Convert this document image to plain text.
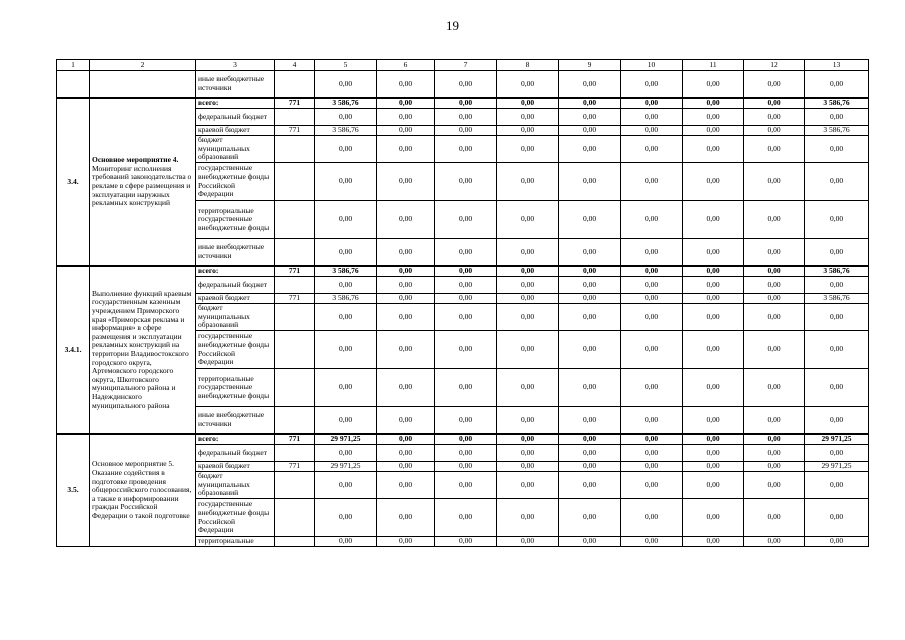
19
1	2	3	4	5	6	7	8	9	10	11	12	13
		иные внебюджетные источники		0,00	0,00	0,00	0,00	0,00	0,00	0,00	0,00	0,00
3.4.	Основное мероприятие 4. Мониторинг исполнения требований законодательства о рекламе в сфере размещения и эксплуатации наружных рекламных конструкций	всего:	771	3 586,76	0,00	0,00	0,00	0,00	0,00	0,00	0,00	3 586,76
		федеральный бюджет		0,00	0,00	0,00	0,00	0,00	0,00	0,00	0,00	0,00
		краевой бюджет	771	3 586,76	0,00	0,00	0,00	0,00	0,00	0,00	0,00	3 586,76
		бюджет муниципальных образований		0,00	0,00	0,00	0,00	0,00	0,00	0,00	0,00	0,00
		государственные внебюджетные фонды Российской Федерации		0,00	0,00	0,00	0,00	0,00	0,00	0,00	0,00	0,00
		территориальные государственные внебюджетные фонды		0,00	0,00	0,00	0,00	0,00	0,00	0,00	0,00	0,00
		иные внебюджетные источники		0,00	0,00	0,00	0,00	0,00	0,00	0,00	0,00	0,00
3.4.1.	Выполнение функций краевым государственным казенным учреждением Приморского края «Приморская реклама и информация» в сфере размещения и эксплуатации рекламных конструкций на территории Владивостокского городского округа, Артемовского городского округа, Шкотовского муниципального района и Надеждинского муниципального района	всего:	771	3 586,76	0,00	0,00	0,00	0,00	0,00	0,00	0,00	3 586,76
		федеральный бюджет		0,00	0,00	0,00	0,00	0,00	0,00	0,00	0,00	0,00
		краевой бюджет	771	3 586,76	0,00	0,00	0,00	0,00	0,00	0,00	0,00	3 586,76
		бюджет муниципальных образований		0,00	0,00	0,00	0,00	0,00	0,00	0,00	0,00	0,00
		государственные внебюджетные фонды Российской Федерации		0,00	0,00	0,00	0,00	0,00	0,00	0,00	0,00	0,00
		территориальные государственные внебюджетные фонды		0,00	0,00	0,00	0,00	0,00	0,00	0,00	0,00	0,00
		иные внебюджетные источники		0,00	0,00	0,00	0,00	0,00	0,00	0,00	0,00	0,00
3.5.	Основное мероприятие 5. Оказание содействия в подготовке проведения общероссийского голосования, а также в информировании граждан Российской Федерации о такой подготовке	всего:	771	29 971,25	0,00	0,00	0,00	0,00	0,00	0,00	0,00	29 971,25
		федеральный бюджет		0,00	0,00	0,00	0,00	0,00	0,00	0,00	0,00	0,00
		краевой бюджет	771	29 971,25	0,00	0,00	0,00	0,00	0,00	0,00	0,00	29 971,25
		бюджет муниципальных образований		0,00	0,00	0,00	0,00	0,00	0,00	0,00	0,00	0,00
		государственные внебюджетные фонды Российской Федерации		0,00	0,00	0,00	0,00	0,00	0,00	0,00	0,00	0,00
		территориальные		0,00	0,00	0,00	0,00	0,00	0,00	0,00	0,00	0,00
